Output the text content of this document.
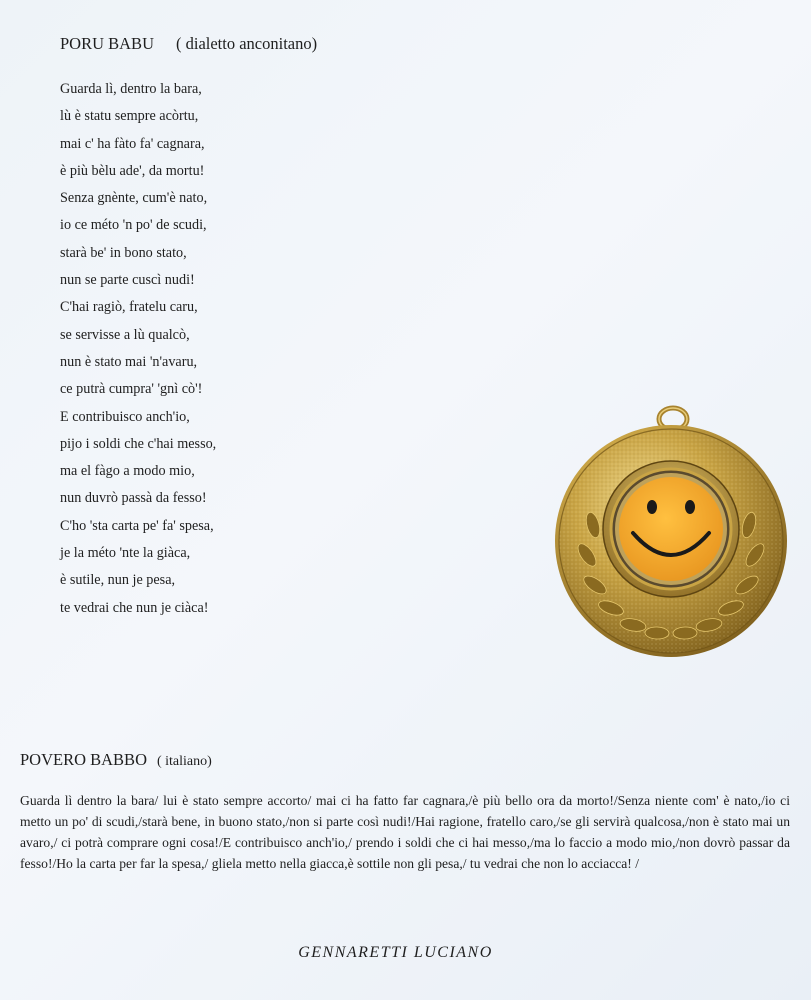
PORU BABU ( dialetto anconitano)
Guarda lì, dentro la bara,
lù è statu sempre acòrtu,
mai c' ha fàto fa' cagnara,
è più bèlu ade', da mortu!
Senza gnènte, cum'è nato,
io ce méto 'n po' de scudi,
starà be' in bono stato,
nun se parte cuscì nudi!
C'hai ragiò, fratelu caru,
se servisse a lù qualcò,
nun è stato mai 'n'avaru,
ce putrà cumpra' 'gnì cò'!
E contribuisco anch'io,
pijo i soldi che c'hai messo,
ma el fàgo a modo mio,
nun duvrò passà da fesso!
C'ho 'sta carta pe' fa' spesa,
je la méto 'nte la giàca,
è sutile, nun je pesa,
te vedrai che nun je ciàca!
POVERO BABBO ( italiano)

Guarda lì dentro la bara/ lui è stato sempre accorto/ mai ci ha fatto far cagnara,/è più bello ora da morto!/Senza niente com' è nato,/io ci metto un po' di scudi,/starà bene, in buono stato,/non si parte così nudi!/Hai ragione, fratello caro,/se gli servirà qualcosa,/non è stato mai un avaro,/ ci potrà comprare ogni cosa!/E contribuisco anch'io,/ prendo i soldi che ci hai messo,/ma lo faccio a modo mio,/non dovrò passar da fesso!/Ho la carta per far la spesa,/ gliela metto nella giacca,è sottile non gli pesa,/ tu vedrai che non lo acciacca! /

GENNARETTI LUCIANO
